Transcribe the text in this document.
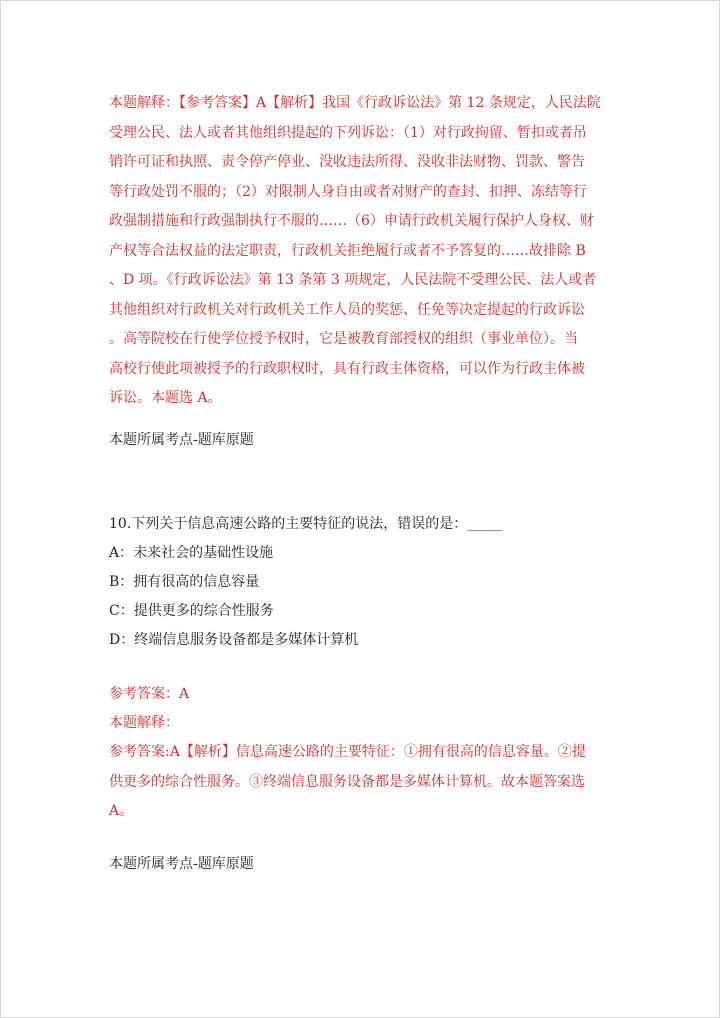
本题解释：【参考答案】A【解析】我国《行政诉讼法》第 12 条规定，人民法院
受理公民、法人或者其他组织提起的下列诉讼：（1）对行政拘留、暂扣或者吊
销许可证和执照、责令停产停业、没收违法所得、没收非法财物、罚款、警告
等行政处罚不服的；（2）对限制人身自由或者对财产的查封、扣押、冻结等行
政强制措施和行政强制执行不服的……（6）申请行政机关履行保护人身权、财
产权等合法权益的法定职责，行政机关拒绝履行或者不予答复的……故排除 B
、D 项。《行政诉讼法》第 13 条第 3 项规定，人民法院不受理公民、法人或者
其他组织对行政机关对行政机关工作人员的奖惩、任免等决定提起的行政诉讼
。高等院校在行使学位授予权时，它是被教育部授权的组织（事业单位）。当
高校行使此项被授予的行政职权时，具有行政主体资格，可以作为行政主体被
诉讼。本题选 A。
本题所属考点-题库原题
10.下列关于信息高速公路的主要特征的说法，错误的是：_____
A：未来社会的基础性设施
B：拥有很高的信息容量
C：提供更多的综合性服务
D：终端信息服务设备都是多媒体计算机
参考答案：A
本题解释：
参考答案:A【解析】信息高速公路的主要特征：①拥有很高的信息容量。②提
供更多的综合性服务。③终端信息服务设备都是多媒体计算机。故本题答案选
A。
本题所属考点-题库原题
